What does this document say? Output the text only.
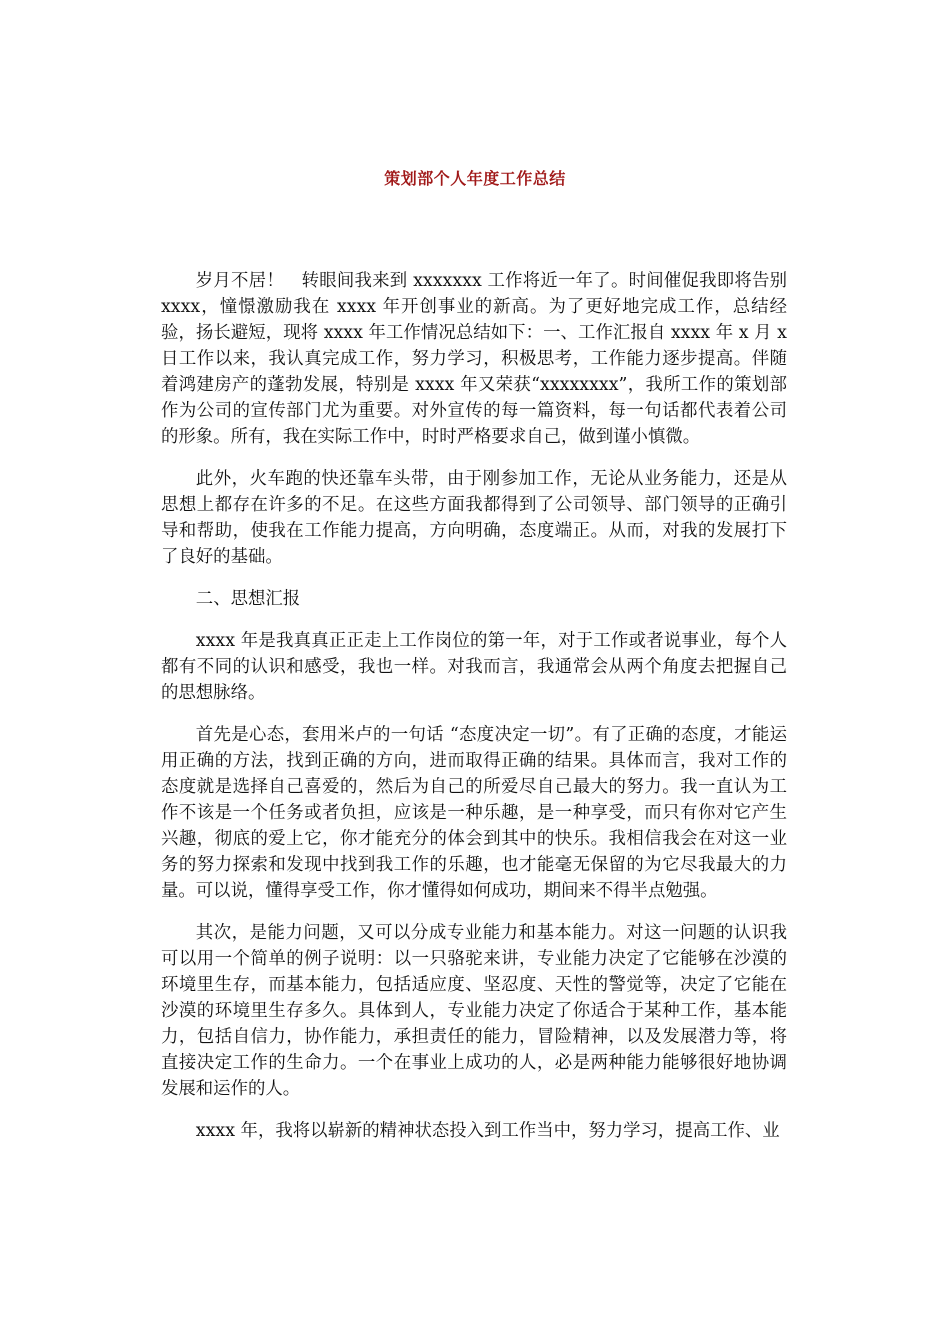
策划部个人年度工作总结

岁月不居！　转眼间我来到 xxxxxxx 工作将近一年了。时间催促我即将告别 xxxx，憧憬激励我在 xxxx 年开创事业的新高。为了更好地完成工作，总结经验，扬长避短，现将 xxxx 年工作情况总结如下：一、工作汇报自 xxxx 年 x 月 x 日工作以来，我认真完成工作，努力学习，积极思考，工作能力逐步提高。伴随着鸿建房产的蓬勃发展，特别是 xxxx 年又荣获“xxxxxxxx”，我所工作的策划部作为公司的宣传部门尤为重要。对外宣传的每一篇资料，每一句话都代表着公司的形象。所有，我在实际工作中，时时严格要求自己，做到谨小慎微。

此外，火车跑的快还靠车头带，由于刚参加工作，无论从业务能力，还是从思想上都存在许多的不足。在这些方面我都得到了公司领导、部门领导的正确引导和帮助，使我在工作能力提高，方向明确，态度端正。从而，对我的发展打下了良好的基础。

二、思想汇报

xxxx 年是我真真正正走上工作岗位的第一年，对于工作或者说事业，每个人都有不同的认识和感受，我也一样。对我而言，我通常会从两个角度去把握自己的思想脉络。

首先是心态，套用米卢的一句话 “态度决定一切”。有了正确的态度，才能运用正确的方法，找到正确的方向，进而取得正确的结果。具体而言，我对工作的态度就是选择自己喜爱的，然后为自己的所爱尽自己最大的努力。我一直认为工作不该是一个任务或者负担，应该是一种乐趣，是一种享受，而只有你对它产生兴趣，彻底的爱上它，你才能充分的体会到其中的快乐。我相信我会在对这一业务的努力探索和发现中找到我工作的乐趣，也才能毫无保留的为它尽我最大的力量。可以说，懂得享受工作，你才懂得如何成功，期间来不得半点勉强。

其次，是能力问题，又可以分成专业能力和基本能力。对这一问题的认识我可以用一个简单的例子说明：以一只骆驼来讲，专业能力决定了它能够在沙漠的环境里生存，而基本能力，包括适应度、坚忍度、天性的警觉等，决定了它能在沙漠的环境里生存多久。具体到人，专业能力决定了你适合于某种工作，基本能力，包括自信力，协作能力，承担责任的能力，冒险精神，以及发展潜力等，将直接决定工作的生命力。一个在事业上成功的人，必是两种能力能够很好地协调发展和运作的人。

xxxx 年，我将以崭新的精神状态投入到工作当中，努力学习，提高工作、业
